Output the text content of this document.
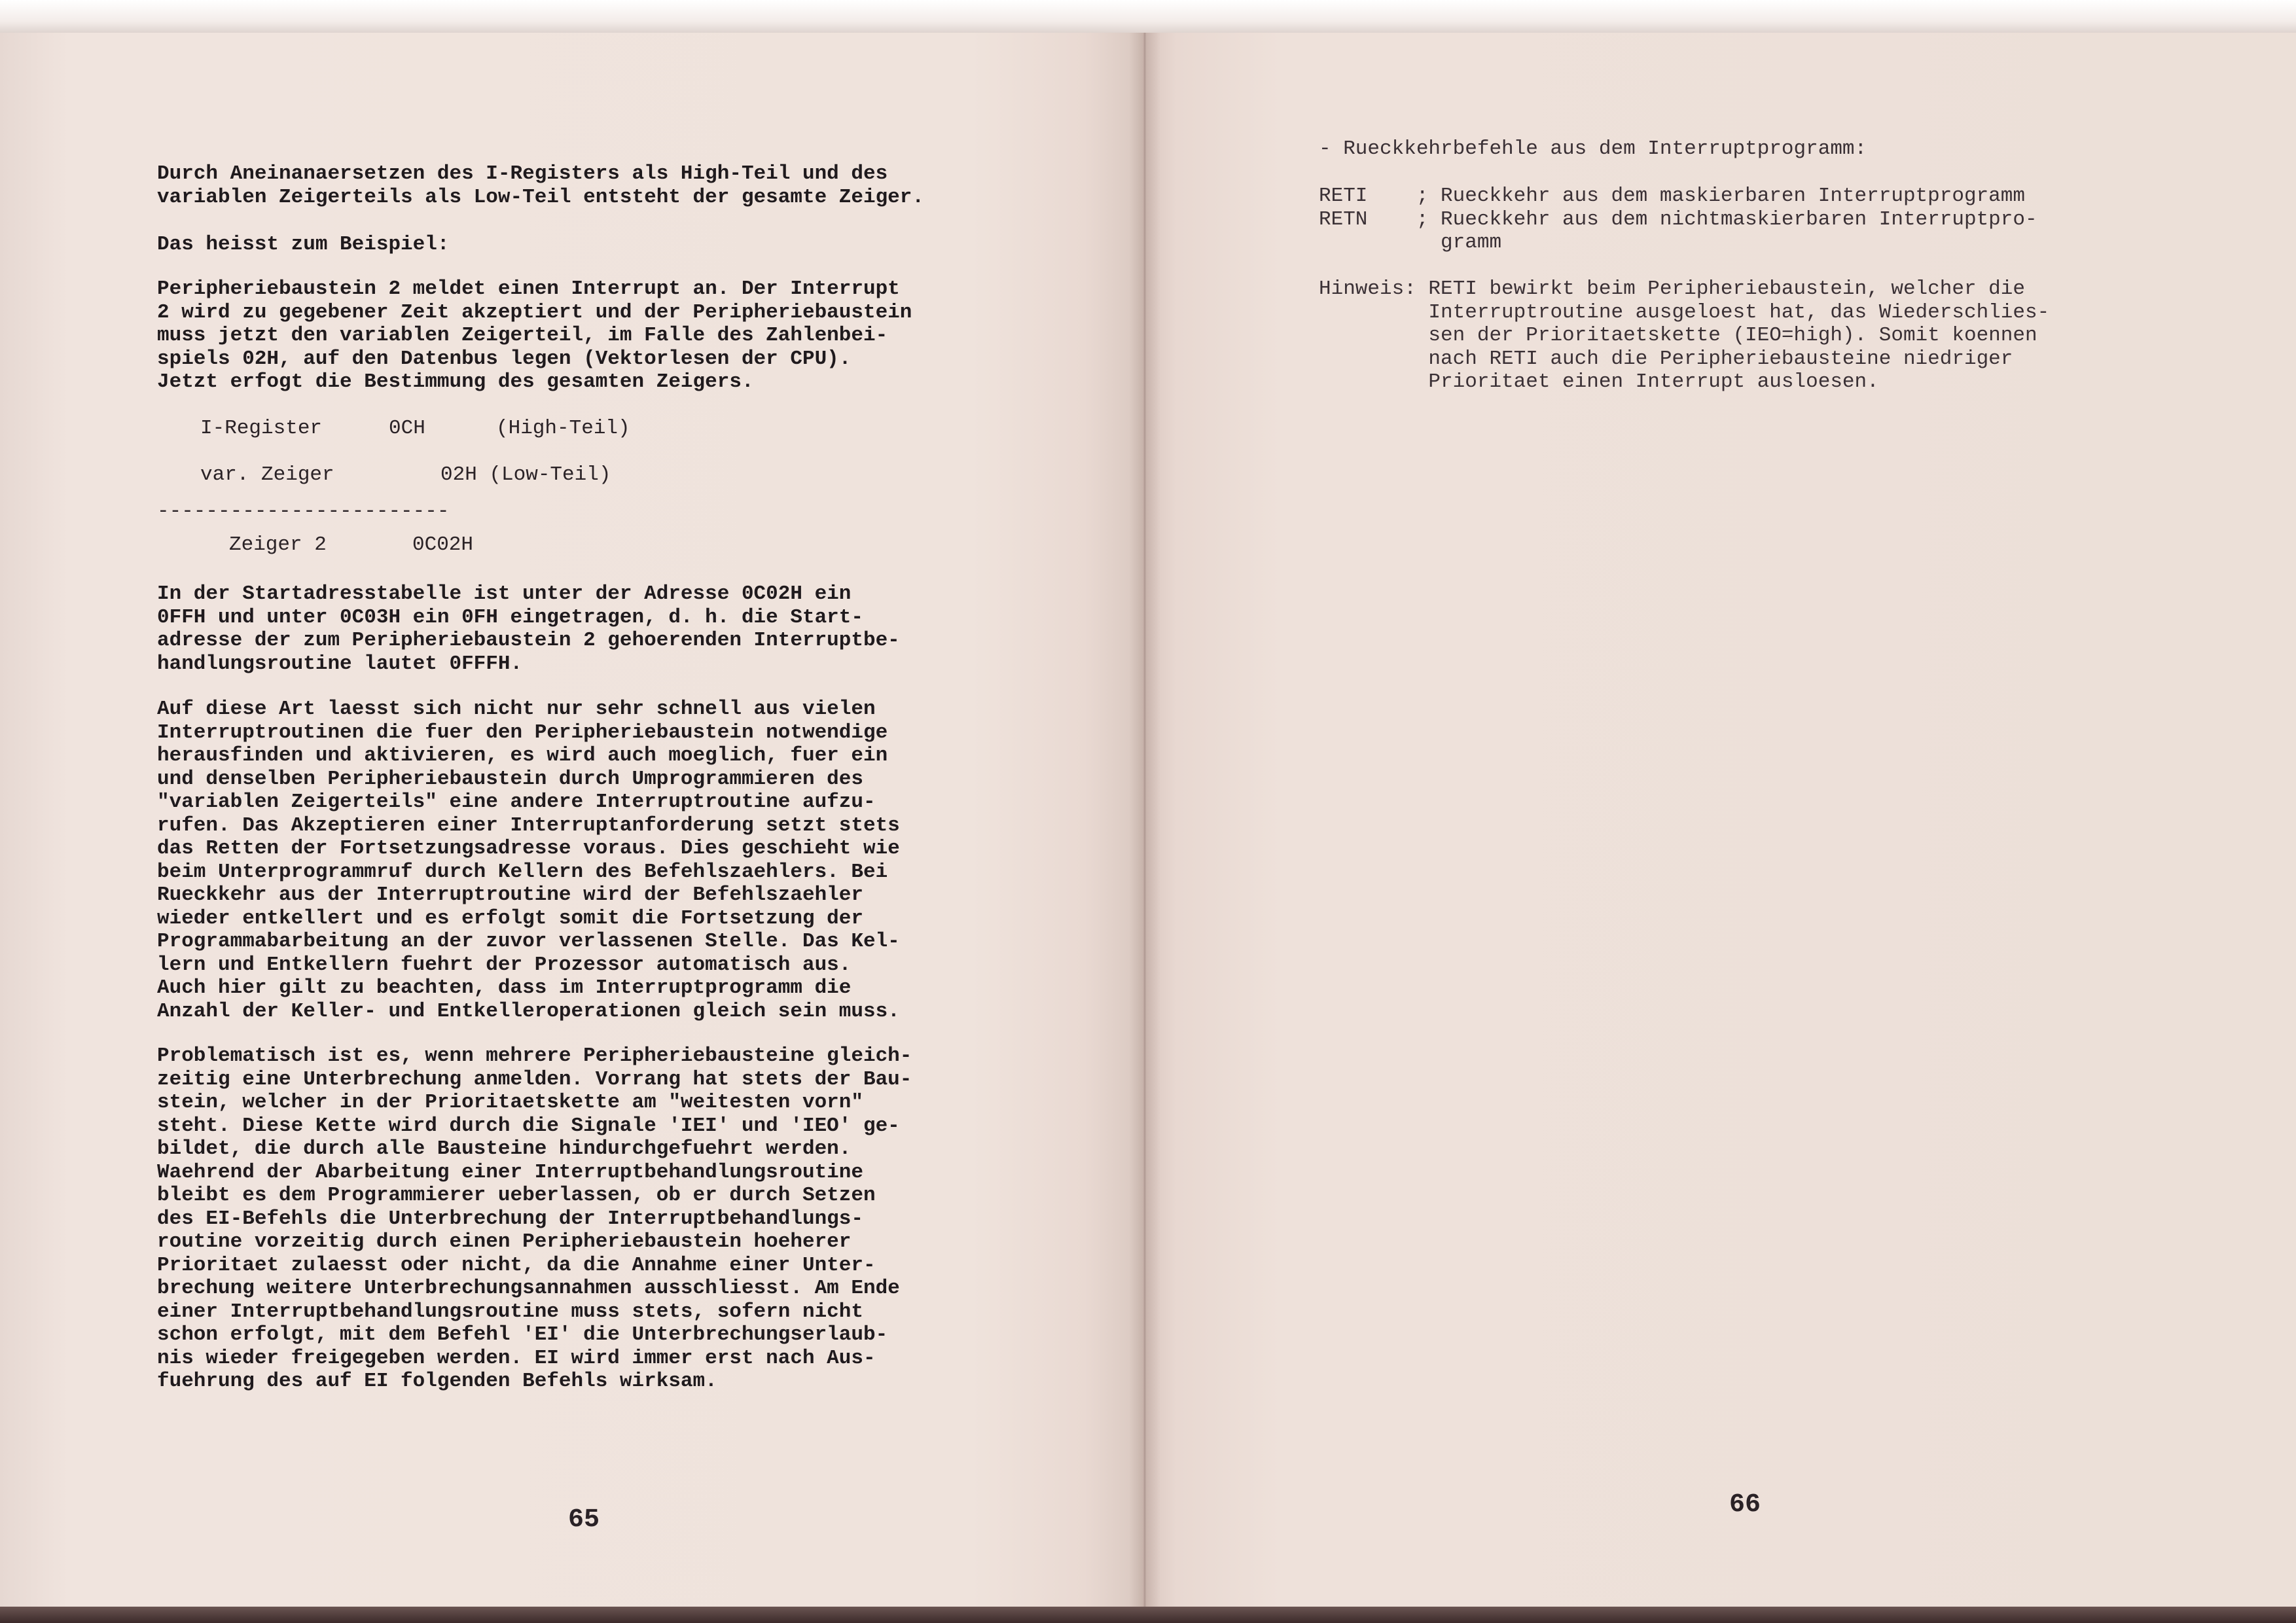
Durch Aneinanaersetzen des I-Registers als High-Teil und des
variablen Zeigerteils als Low-Teil entsteht der gesamte Zeiger.
Das heisst zum Beispiel:
Peripheriebaustein 2 meldet einen Interrupt an. Der Interrupt
2 wird zu gegebener Zeit akzeptiert und der Peripheriebaustein
muss jetzt den variablen Zeigerteil, im Falle des Zahlenbei-
spiels 02H, auf den Datenbus legen (Vektorlesen der CPU).
Jetzt erfogt die Bestimmung des gesamten Zeigers.
I-Register	0CH	(High-Teil)
var. Zeiger	02H (Low-Teil)
------------------------
Zeiger 2	0C02H
In der Startadresstabelle ist unter der Adresse 0C02H ein
0FFH und unter 0C03H ein 0FH eingetragen, d. h. die Start-
adresse der zum Peripheriebaustein 2 gehoerenden Interruptbe-
handlungsroutine lautet 0FFFH.
Auf diese Art laesst sich nicht nur sehr schnell aus vielen
Interruptroutinen die fuer den Peripheriebaustein notwendige
herausfinden und aktivieren, es wird auch moeglich, fuer ein
und denselben Peripheriebaustein durch Umprogrammieren des
"variablen Zeigerteils" eine andere Interruptroutine aufzu-
rufen. Das Akzeptieren einer Interruptanforderung setzt stets
das Retten der Fortsetzungsadresse voraus. Dies geschieht wie
beim Unterprogrammruf durch Kellern des Befehlszaehlers. Bei
Rueckkehr aus der Interruptroutine wird der Befehlszaehler
wieder entkellert und es erfolgt somit die Fortsetzung der
Programmabarbeitung an der zuvor verlassenen Stelle. Das Kel-
lern und Entkellern fuehrt der Prozessor automatisch aus.
Auch hier gilt zu beachten, dass im Interruptprogramm die
Anzahl der Keller- und Entkelleroperationen gleich sein muss.
Problematisch ist es, wenn mehrere Peripheriebausteine gleich-
zeitig eine Unterbrechung anmelden. Vorrang hat stets der Bau-
stein, welcher in der Prioritaetskette am "weitesten vorn"
steht. Diese Kette wird durch die Signale 'IEI' und 'IEO' ge-
bildet, die durch alle Bausteine hindurchgefuehrt werden.
Waehrend der Abarbeitung einer Interruptbehandlungsroutine
bleibt es dem Programmierer ueberlassen, ob er durch Setzen
des EI-Befehls die Unterbrechung der Interruptbehandlungs-
routine vorzeitig durch einen Peripheriebaustein hoeherer
Prioritaet zulaesst oder nicht, da die Annahme einer Unter-
brechung weitere Unterbrechungsannahmen ausschliesst. Am Ende
einer Interruptbehandlungsroutine muss stets, sofern nicht
schon erfolgt, mit dem Befehl 'EI' die Unterbrechungserlaub-
nis wieder freigegeben werden. EI wird immer erst nach Aus-
fuehrung des auf EI folgenden Befehls wirksam.
65
- Rueckkehrbefehle aus dem Interruptprogramm:
RETI    ; Rueckkehr aus dem maskierbaren Interruptprogramm
RETN    ; Rueckkehr aus dem nichtmaskierbaren Interruptpro-
gramm
Hinweis: RETI bewirkt beim Peripheriebaustein, welcher die
Interruptroutine ausgeloest hat, das Wiederschlies-
sen der Prioritaetskette (IEO=high). Somit koennen
nach RETI auch die Peripheriebausteine niedriger
Prioritaet einen Interrupt ausloesen.
66
